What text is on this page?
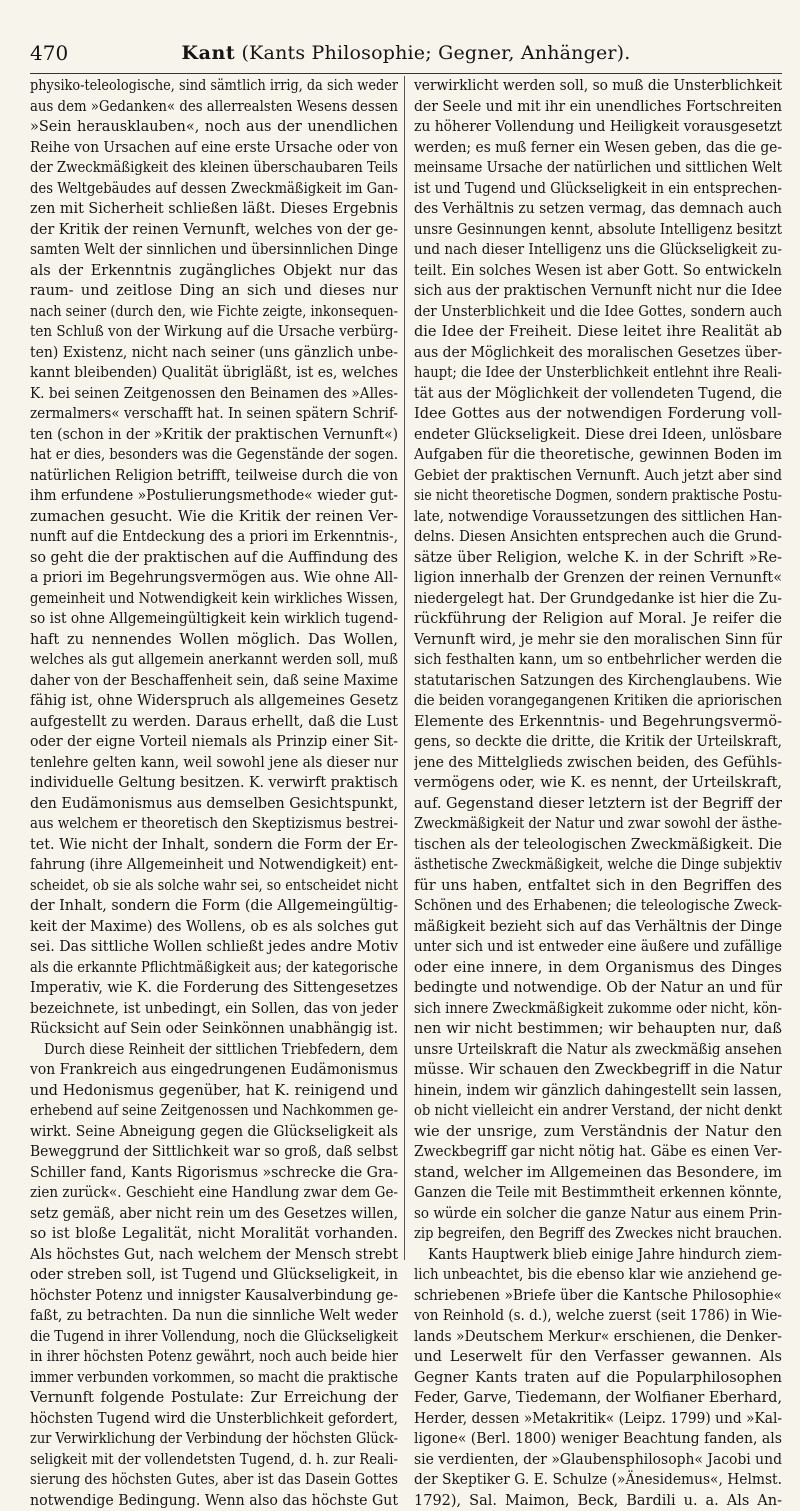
470	Kant (Kants Philosophie; Gegner, Anhänger).
physiko-teleologische, sind sämtlich irrig, da sich weder
aus dem »Gedanken« des allerrealsten Wesens dessen
»Sein herausklauben«, noch aus der unendlichen
Reihe von Ursachen auf eine erste Ursache oder von
der Zweckmäßigkeit des kleinen überschaubaren Teils
des Weltgebäudes auf dessen Zweckmäßigkeit im Gan-
zen mit Sicherheit schließen läßt. Dieses Ergebnis
der Kritik der reinen Vernunft, welches von der ge-
samten Welt der sinnlichen und übersinnlichen Dinge
als der Erkenntnis zugängliches Objekt nur das
raum- und zeitlose Ding an sich und dieses nur
nach seiner (durch den, wie Fichte zeigte, inkonsequen-
ten Schluß von der Wirkung auf die Ursache verbürg-
ten) Existenz, nicht nach seiner (uns gänzlich unbe-
kannt bleibenden) Qualität übrigläßt, ist es, welches
K. bei seinen Zeitgenossen den Beinamen des »Alles-
zermalmers« verschafft hat. In seinen spätern Schrif-
ten (schon in der »Kritik der praktischen Vernunft«)
hat er dies, besonders was die Gegenstände der sogen.
natürlichen Religion betrifft, teilweise durch die von
ihm erfundene »Postulierungsmethode« wieder gut-
zumachen gesucht. Wie die Kritik der reinen Ver-
nunft auf die Entdeckung des a priori im Erkenntnis-,
so geht die der praktischen auf die Auffindung des
a priori im Begehrungsvermögen aus. Wie ohne All-
gemeinheit und Notwendigkeit kein wirkliches Wissen,
so ist ohne Allgemeingültigkeit kein wirklich tugend-
haft zu nennendes Wollen möglich. Das Wollen,
welches als gut allgemein anerkannt werden soll, muß
daher von der Beschaffenheit sein, daß seine Maxime
fähig ist, ohne Widerspruch als allgemeines Gesetz
aufgestellt zu werden. Daraus erhellt, daß die Lust
oder der eigne Vorteil niemals als Prinzip einer Sit-
tenlehre gelten kann, weil sowohl jene als dieser nur
individuelle Geltung besitzen. K. verwirft praktisch
den Eudämonismus aus demselben Gesichtspunkt,
aus welchem er theoretisch den Skeptizismus bestrei-
tet. Wie nicht der Inhalt, sondern die Form der Er-
fahrung (ihre Allgemeinheit und Notwendigkeit) ent-
scheidet, ob sie als solche wahr sei, so entscheidet nicht
der Inhalt, sondern die Form (die Allgemeingültig-
keit der Maxime) des Wollens, ob es als solches gut
sei. Das sittliche Wollen schließt jedes andre Motiv
als die erkannte Pflichtmäßigkeit aus; der kategorische
Imperativ, wie K. die Forderung des Sittengesetzes
bezeichnete, ist unbedingt, ein Sollen, das von jeder
Rücksicht auf Sein oder Seinkönnen unabhängig ist.
Durch diese Reinheit der sittlichen Triebfedern, dem
von Frankreich aus eingedrungenen Eudämonismus
und Hedonismus gegenüber, hat K. reinigend und
erhebend auf seine Zeitgenossen und Nachkommen ge-
wirkt. Seine Abneigung gegen die Glückseligkeit als
Beweggrund der Sittlichkeit war so groß, daß selbst
Schiller fand, Kants Rigorismus »schrecke die Gra-
zien zurück«. Geschieht eine Handlung zwar dem Ge-
setz gemäß, aber nicht rein um des Gesetzes willen,
so ist bloße Legalität, nicht Moralität vorhanden.
Als höchstes Gut, nach welchem der Mensch strebt
oder streben soll, ist Tugend und Glückseligkeit, in
höchster Potenz und innigster Kausalverbindung ge-
faßt, zu betrachten. Da nun die sinnliche Welt weder
die Tugend in ihrer Vollendung, noch die Glückseligkeit
in ihrer höchsten Potenz gewährt, noch auch beide hier
immer verbunden vorkommen, so macht die praktische
Vernunft folgende Postulate: Zur Erreichung der
höchsten Tugend wird die Unsterblichkeit gefordert,
zur Verwirklichung der Verbindung der höchsten Glück-
seligkeit mit der vollendetsten Tugend, d. h. zur Reali-
sierung des höchsten Gutes, aber ist das Dasein Gottes
notwendige Bedingung. Wenn also das höchste Gut
verwirklicht werden soll, so muß die Unsterblichkeit
der Seele und mit ihr ein unendliches Fortschreiten
zu höherer Vollendung und Heiligkeit vorausgesetzt
werden; es muß ferner ein Wesen geben, das die ge-
meinsame Ursache der natürlichen und sittlichen Welt
ist und Tugend und Glückseligkeit in ein entsprechen-
des Verhältnis zu setzen vermag, das demnach auch
unsre Gesinnungen kennt, absolute Intelligenz besitzt
und nach dieser Intelligenz uns die Glückseligkeit zu-
teilt. Ein solches Wesen ist aber Gott. So entwickeln
sich aus der praktischen Vernunft nicht nur die Idee
der Unsterblichkeit und die Idee Gottes, sondern auch
die Idee der Freiheit. Diese leitet ihre Realität ab
aus der Möglichkeit des moralischen Gesetzes über-
haupt; die Idee der Unsterblichkeit entlehnt ihre Reali-
tät aus der Möglichkeit der vollendeten Tugend, die
Idee Gottes aus der notwendigen Forderung voll-
endeter Glückseligkeit. Diese drei Ideen, unlösbare
Aufgaben für die theoretische, gewinnen Boden im
Gebiet der praktischen Vernunft. Auch jetzt aber sind
sie nicht theoretische Dogmen, sondern praktische Postu-
late, notwendige Voraussetzungen des sittlichen Han-
delns. Diesen Ansichten entsprechen auch die Grund-
sätze über Religion, welche K. in der Schrift »Re-
ligion innerhalb der Grenzen der reinen Vernunft«
niedergelegt hat. Der Grundgedanke ist hier die Zu-
rückführung der Religion auf Moral. Je reifer die
Vernunft wird, je mehr sie den moralischen Sinn für
sich festhalten kann, um so entbehrlicher werden die
statutarischen Satzungen des Kirchenglaubens. Wie
die beiden vorangegangenen Kritiken die apriorischen
Elemente des Erkenntnis- und Begehrungsvermö-
gens, so deckte die dritte, die Kritik der Urteilskraft,
jene des Mittelglieds zwischen beiden, des Gefühls-
vermögens oder, wie K. es nennt, der Urteilskraft,
auf. Gegenstand dieser letztern ist der Begriff der
Zweckmäßigkeit der Natur und zwar sowohl der ästhe-
tischen als der teleologischen Zweckmäßigkeit. Die
ästhetische Zweckmäßigkeit, welche die Dinge subjektiv
für uns haben, entfaltet sich in den Begriffen des
Schönen und des Erhabenen; die teleologische Zweck-
mäßigkeit bezieht sich auf das Verhältnis der Dinge
unter sich und ist entweder eine äußere und zufällige
oder eine innere, in dem Organismus des Dinges
bedingte und notwendige. Ob der Natur an und für
sich innere Zweckmäßigkeit zukomme oder nicht, kön-
nen wir nicht bestimmen; wir behaupten nur, daß
unsre Urteilskraft die Natur als zweckmäßig ansehen
müsse. Wir schauen den Zweckbegriff in die Natur
hinein, indem wir gänzlich dahingestellt sein lassen,
ob nicht vielleicht ein andrer Verstand, der nicht denkt
wie der unsrige, zum Verständnis der Natur den
Zweckbegriff gar nicht nötig hat. Gäbe es einen Ver-
stand, welcher im Allgemeinen das Besondere, im
Ganzen die Teile mit Bestimmtheit erkennen könnte,
so würde ein solcher die ganze Natur aus einem Prin-
zip begreifen, den Begriff des Zweckes nicht brauchen.
Kants Hauptwerk blieb einige Jahre hindurch ziem-
lich unbeachtet, bis die ebenso klar wie anziehend ge-
schriebenen »Briefe über die Kantsche Philosophie«
von Reinhold (s. d.), welche zuerst (seit 1786) in Wie-
lands »Deutschem Merkur« erschienen, die Denker-
und Leserwelt für den Verfasser gewannen. Als
Gegner Kants traten auf die Popularphilosophen
Feder, Garve, Tiedemann, der Wolfianer Eberhard,
Herder, dessen »Metakritik« (Leipz. 1799) und »Kal-
ligone« (Berl. 1800) weniger Beachtung fanden, als
sie verdienten, der »Glaubensphilosoph« Jacobi und
der Skeptiker G. E. Schulze (»Änesidemus«, Helmst.
1792), Sal. Maimon, Beck, Bardili u. a. Als An-
